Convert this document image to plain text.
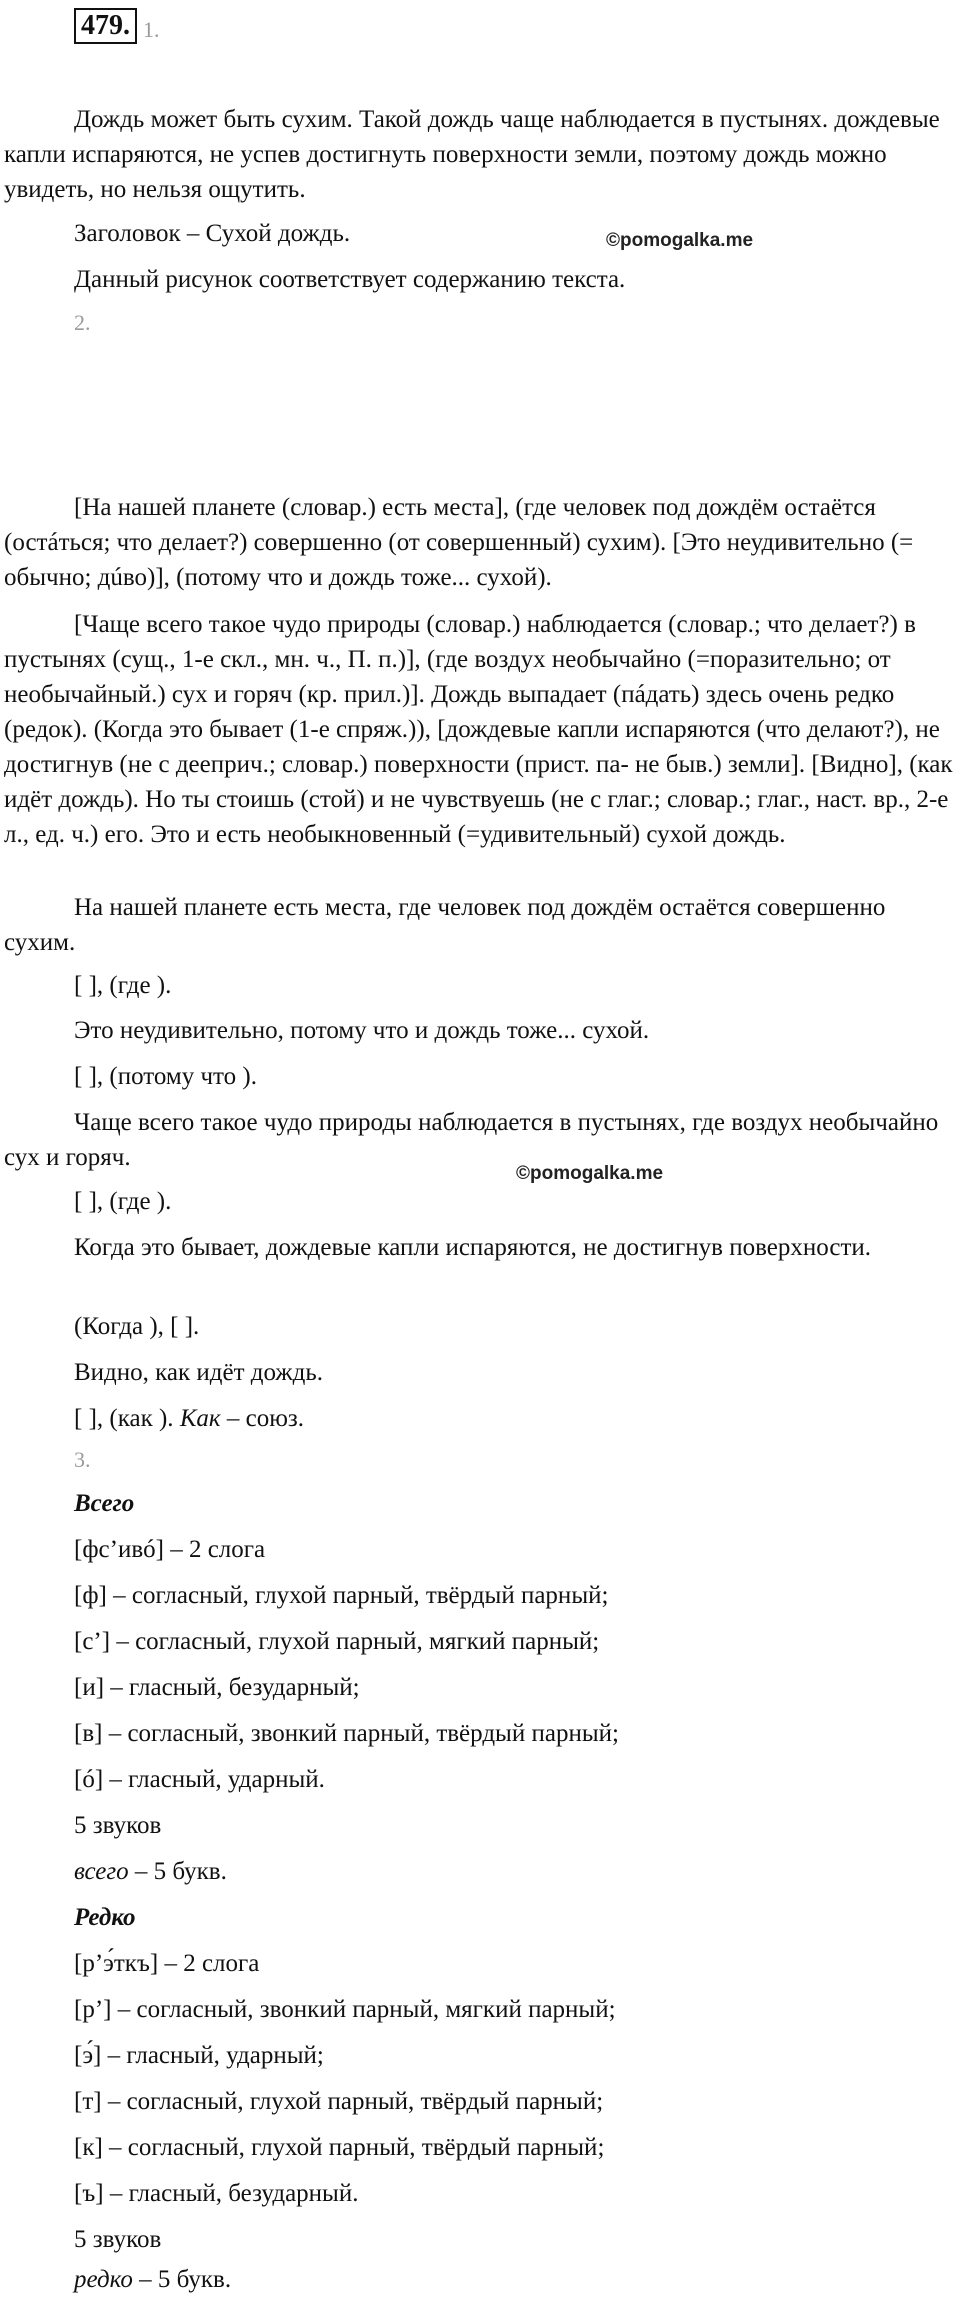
479. 1.
Дождь может быть сухим. Такой дождь чаще наблюдается в пустынях. дождевые капли испаряются, не успев достигнуть поверхности земли, поэтому дождь можно увидеть, но нельзя ощутить.
Заголовок – Сухой дождь.	©pomogalka.me
Данный рисунок соответствует содержанию текста.
2.
[На нашей планете (словар.) есть места], (где человек под дождём остаётся (остáться; что делает?) совершенно (от совершенный) сухим). [Это неудивительно (= обычно; дúво)], (потому что и дождь тоже... сухой).
[Чаще всего такое чудо природы (словар.) наблюдается (словар.; что делает?) в пустынях (сущ., 1-е скл., мн. ч., П. п.)], (где воздух необычайно (=поразительно; от необычайный.) сух и горяч (кр. прил.)]. Дождь выпадает (пáдать) здесь очень редко (редок). (Когда это бывает (1-е спряж.)), [дождевые капли испаряются (что делают?), не достигнув (не с дееприч.; словар.) поверхности (прист. па- не быв.) земли]. [Видно], (как идёт дождь). Но ты стоишь (стой) и не чувствуешь (не с глаг.; словар.; глаг., наст. вр., 2-е л., ед. ч.) его. Это и есть необыкновенный (=удивительный) сухой дождь.
На нашей планете есть места, где человек под дождём остаётся совершенно сухим.
[ ], (где ).
Это неудивительно, потому что и дождь тоже... сухой.
[ ], (потому что ).
Чаще всего такое чудо природы наблюдается в пустынях, где воздух необычайно сух и горяч.
©pomogalka.me
[ ], (где ).
Когда это бывает, дождевые капли испаряются, не достигнув поверхности.
(Когда ), [ ].
Видно, как идёт дождь.
[ ], (как ). Как – союз.
3.
Всего
[фс’ивó] – 2 слога
[ф] – согласный, глухой парный, твёрдый парный;
[с’] – согласный, глухой парный, мягкий парный;
[и] – гласный, безударный;
[в] – согласный, звонкий парный, твёрдый парный;
[ó] – гласный, ударный.
5 звуков
всего – 5 букв.
Редко
[р’э́ткъ] – 2 слога
[р’] – согласный, звонкий парный, мягкий парный;
[э́] – гласный, ударный;
[т] – согласный, глухой парный, твёрдый парный;
[к] – согласный, глухой парный, твёрдый парный;
[ъ] – гласный, безударный.
5 звуков
редко – 5 букв.
